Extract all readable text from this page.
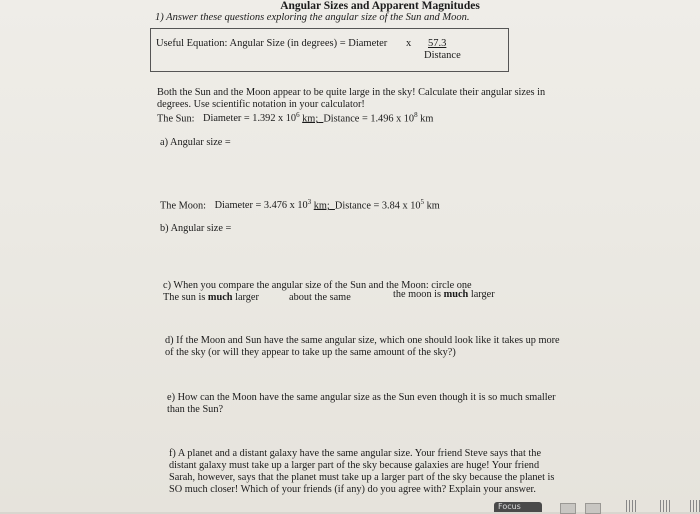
Angular Sizes and Apparent Magnitudes
1) Answer these questions exploring the angular size of the Sun and Moon.
Useful Equation: Angular Size (in degrees) = Diameter x 57.3
Distance
Both the Sun and the Moon appear to be quite large in the sky! Calculate their angular sizes in
degrees. Use scientific notation in your calculator!
The Sun: Diameter = 1.392 x $10^6$ km; Distance = 1.496 x $10^8$ km
a) Angular size =
The Moon: Diameter = 3.476 x $10^3$ km; Distance = 3.84 x $10^5$ km
b) Angular size =
c) When you compare the angular size of the Sun and the Moon: circle one
The sun is much larger	about the same	the moon is much larger
d) If the Moon and Sun have the same angular size, which one should look like it takes up more
of the sky (or will they appear to take up the same amount of the sky?)
e) How can the Moon have the same angular size as the Sun even though it is so much smaller
than the Sun?
f) A planet and a distant galaxy have the same angular size. Your friend Steve says that the
distant galaxy must take up a larger part of the sky because galaxies are huge! Your friend
Sarah, however, says that the planet must take up a larger part of the sky because the planet is
SO much closer! Which of your friends (if any) do you agree with? Explain your answer.
Focus
